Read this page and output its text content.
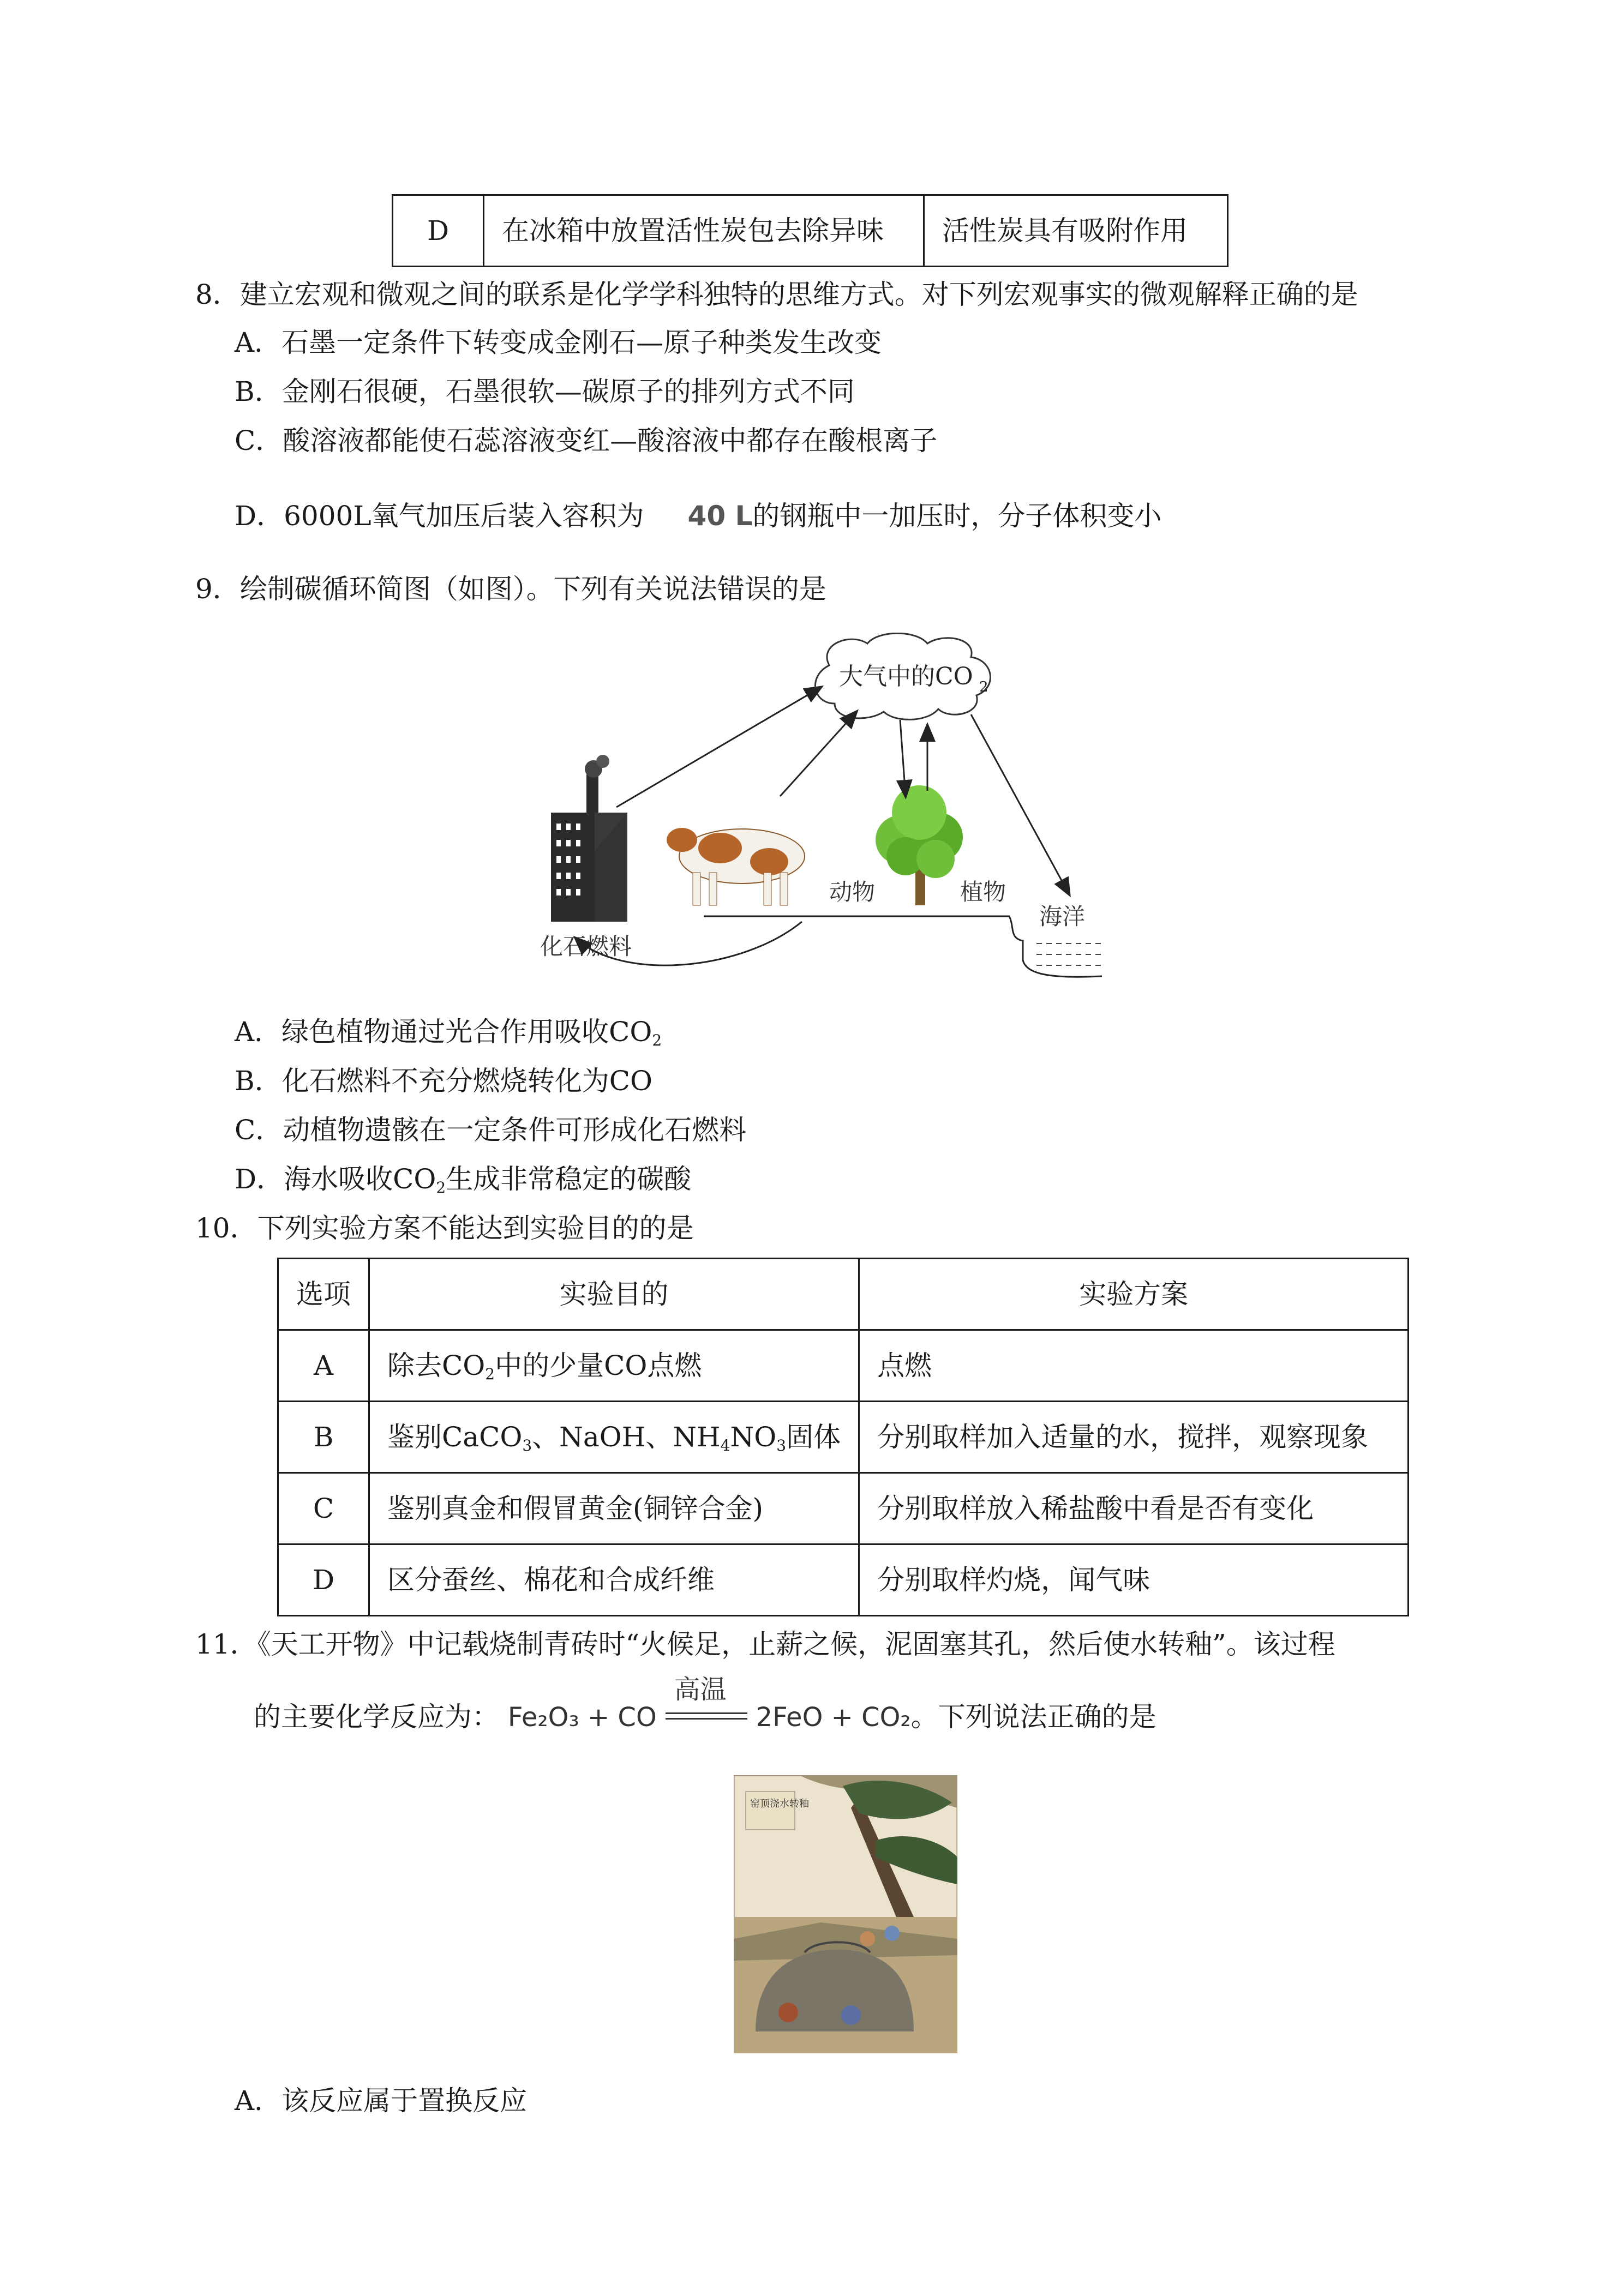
D	在冰箱中放置活性炭包去除异味	活性炭具有吸附作用
8．建立宏观和微观之间的联系是化学学科独特的思维方式。对下列宏观事实的微观解释正确的是
A．石墨一定条件下转变成金刚石—原子种类发生改变
B．金刚石很硬，石墨很软—碳原子的排列方式不同
C．酸溶液都能使石蕊溶液变红—酸溶液中都存在酸根离子
D．6000L氧气加压后装入容积为 40 L的钢瓶中一加压时，分子体积变小
9．绘制碳循环简图（如图）。下列有关说法错误的是
大气中的CO 2
化石燃料
动物	植物
海洋
A．绿色植物通过光合作用吸收$CO_2$
B．化石燃料不充分燃烧转化为CO
C．动植物遗骸在一定条件可形成化石燃料
D．海水吸收$CO_2$生成非常稳定的碳酸
10．下列实验方案不能达到实验目的的是
选项	实验目的	实验方案
A	除去$CO_2$中的少量CO点燃	点燃
B	鉴别CaCO$_3$、NaOH、$NH_4NO_3$固体	分别取样加入适量的水，搅拌，观察现象
C	鉴别真金和假冒黄金(铜锌合金)	分别取样放入稀盐酸中看是否有变化
D	区分蚕丝、棉花和合成纤维	分别取样灼烧，闻气味
11．《天工开物》中记载烧制青砖时“火候足，止薪之候，泥固塞其孔，然后使水转釉”。该过程
的主要化学反应为： Fe₂O₃ + CO
高温
2FeO + CO₂。下列说法正确的是
窑顶浇水转釉
A．该反应属于置换反应
